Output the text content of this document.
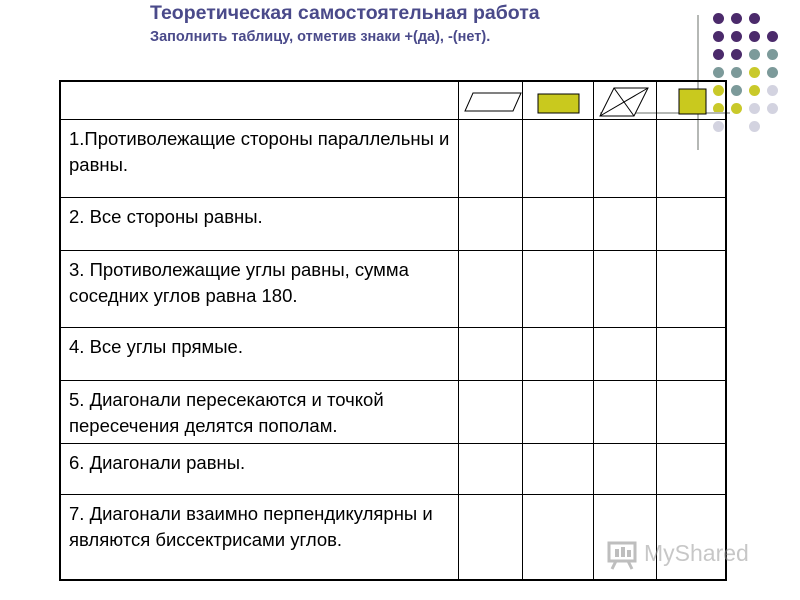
Теоретическая самостоятельная работа
Заполнить таблицу, отметив знаки +(да), -(нет).
1.Противолежащие стороны параллельны и равны.
2. Все стороны равны.
3. Противолежащие углы равны, сумма соседних углов равна 180.
4. Все углы прямые.
5. Диагонали пересекаются и точкой пересечения делятся пополам.
6. Диагонали равны.
7. Диагонали взаимно перпендикулярны и являются биссектрисами углов.
MyShared
